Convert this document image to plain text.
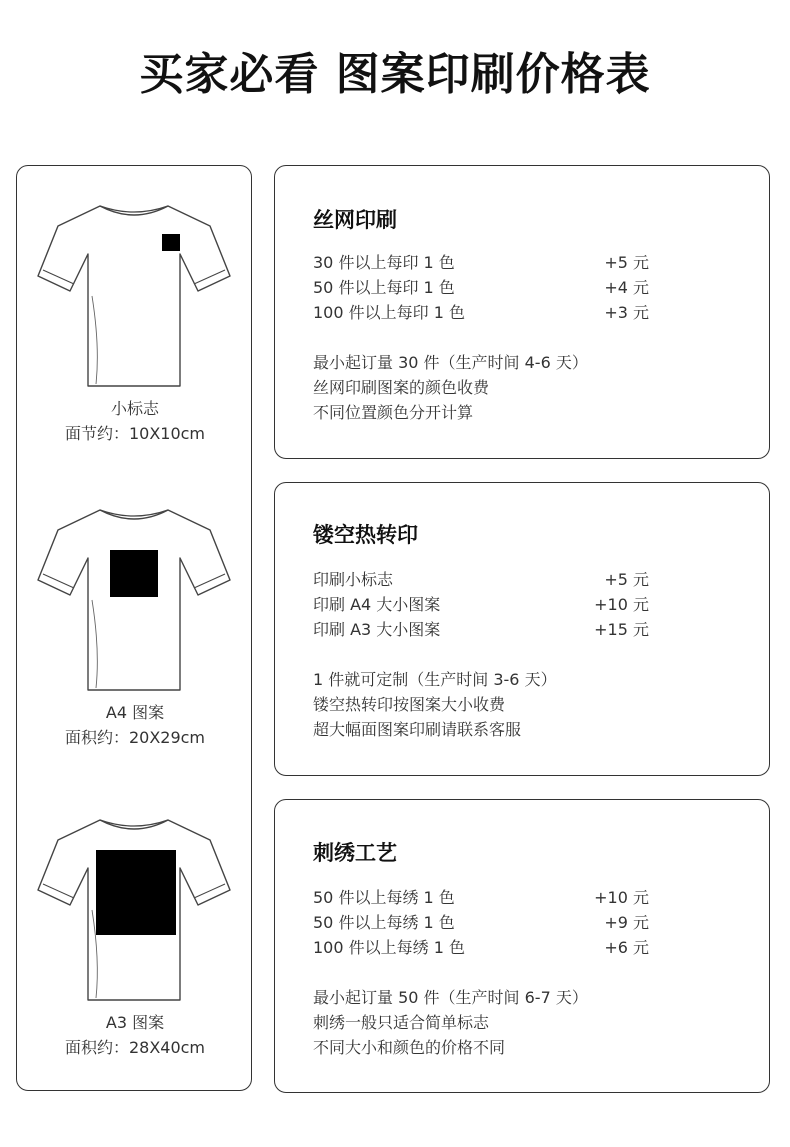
买家必看 图案印刷价格表
小标志
面节约：10X10cm
A4 图案
面积约：20X29cm
A3 图案
面积约：28X40cm
丝网印刷
30 件以上每印 1 色	+5 元
50 件以上每印 1 色	+4 元
100 件以上每印 1 色	+3 元
最小起订量 30 件（生产时间 4-6 天）
丝网印刷图案的颜色收费
不同位置颜色分开计算
镂空热转印
印刷小标志	+5 元
印刷 A4 大小图案	+10 元
印刷 A3 大小图案	+15 元
1 件就可定制（生产时间 3-6 天）
镂空热转印按图案大小收费
超大幅面图案印刷请联系客服
刺绣工艺
50 件以上每绣 1 色	+10 元
50 件以上每绣 1 色	+9 元
100 件以上每绣 1 色	+6 元
最小起订量 50 件（生产时间 6-7 天）
刺绣一般只适合简单标志
不同大小和颜色的价格不同
